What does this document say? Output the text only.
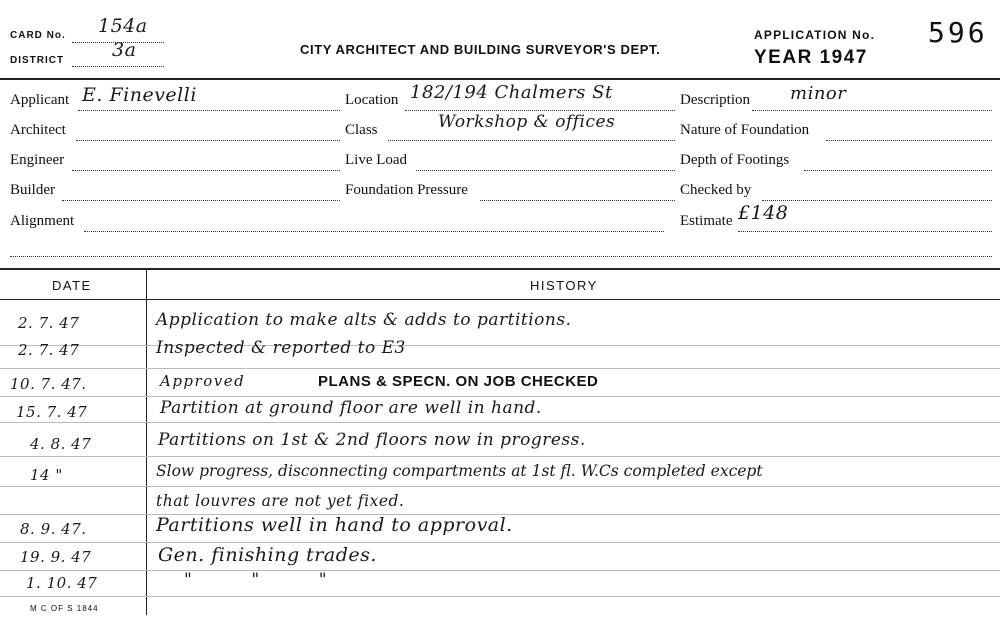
CARD No. 154a
DISTRICT	3a	CITY ARCHITECT AND BUILDING SURVEYOR'S DEPT.
APPLICATION No. 596
YEAR 1947
Applicant E. Finevelli
Architect
Engineer
Builder
Alignment
Location 182/194 Chalmers St
Class	Workshop & offices
Live Load
Foundation Pressure
Description minor
Nature of Foundation
Depth of Footings
Checked by
Estimate £148
DATE	HISTORY
2. 7. 47	Application to make alts & adds to partitions.
2. 7. 47	Inspected & reported to E3
10. 7. 47.	Approved	PLANS & SPECN. ON JOB CHECKED
15. 7. 47	Partition at ground floor are well in hand.
4. 8. 47	Partitions on 1st & 2nd floors now in progress.
14 "	Slow progress, disconnecting compartments at 1st fl. W.Cs completed except
that louvres are not yet fixed.
8. 9. 47.	Partitions well in hand to approval.
19. 9. 47	Gen. finishing trades.
1. 10. 47	"          "          "
M C OF S 1844
